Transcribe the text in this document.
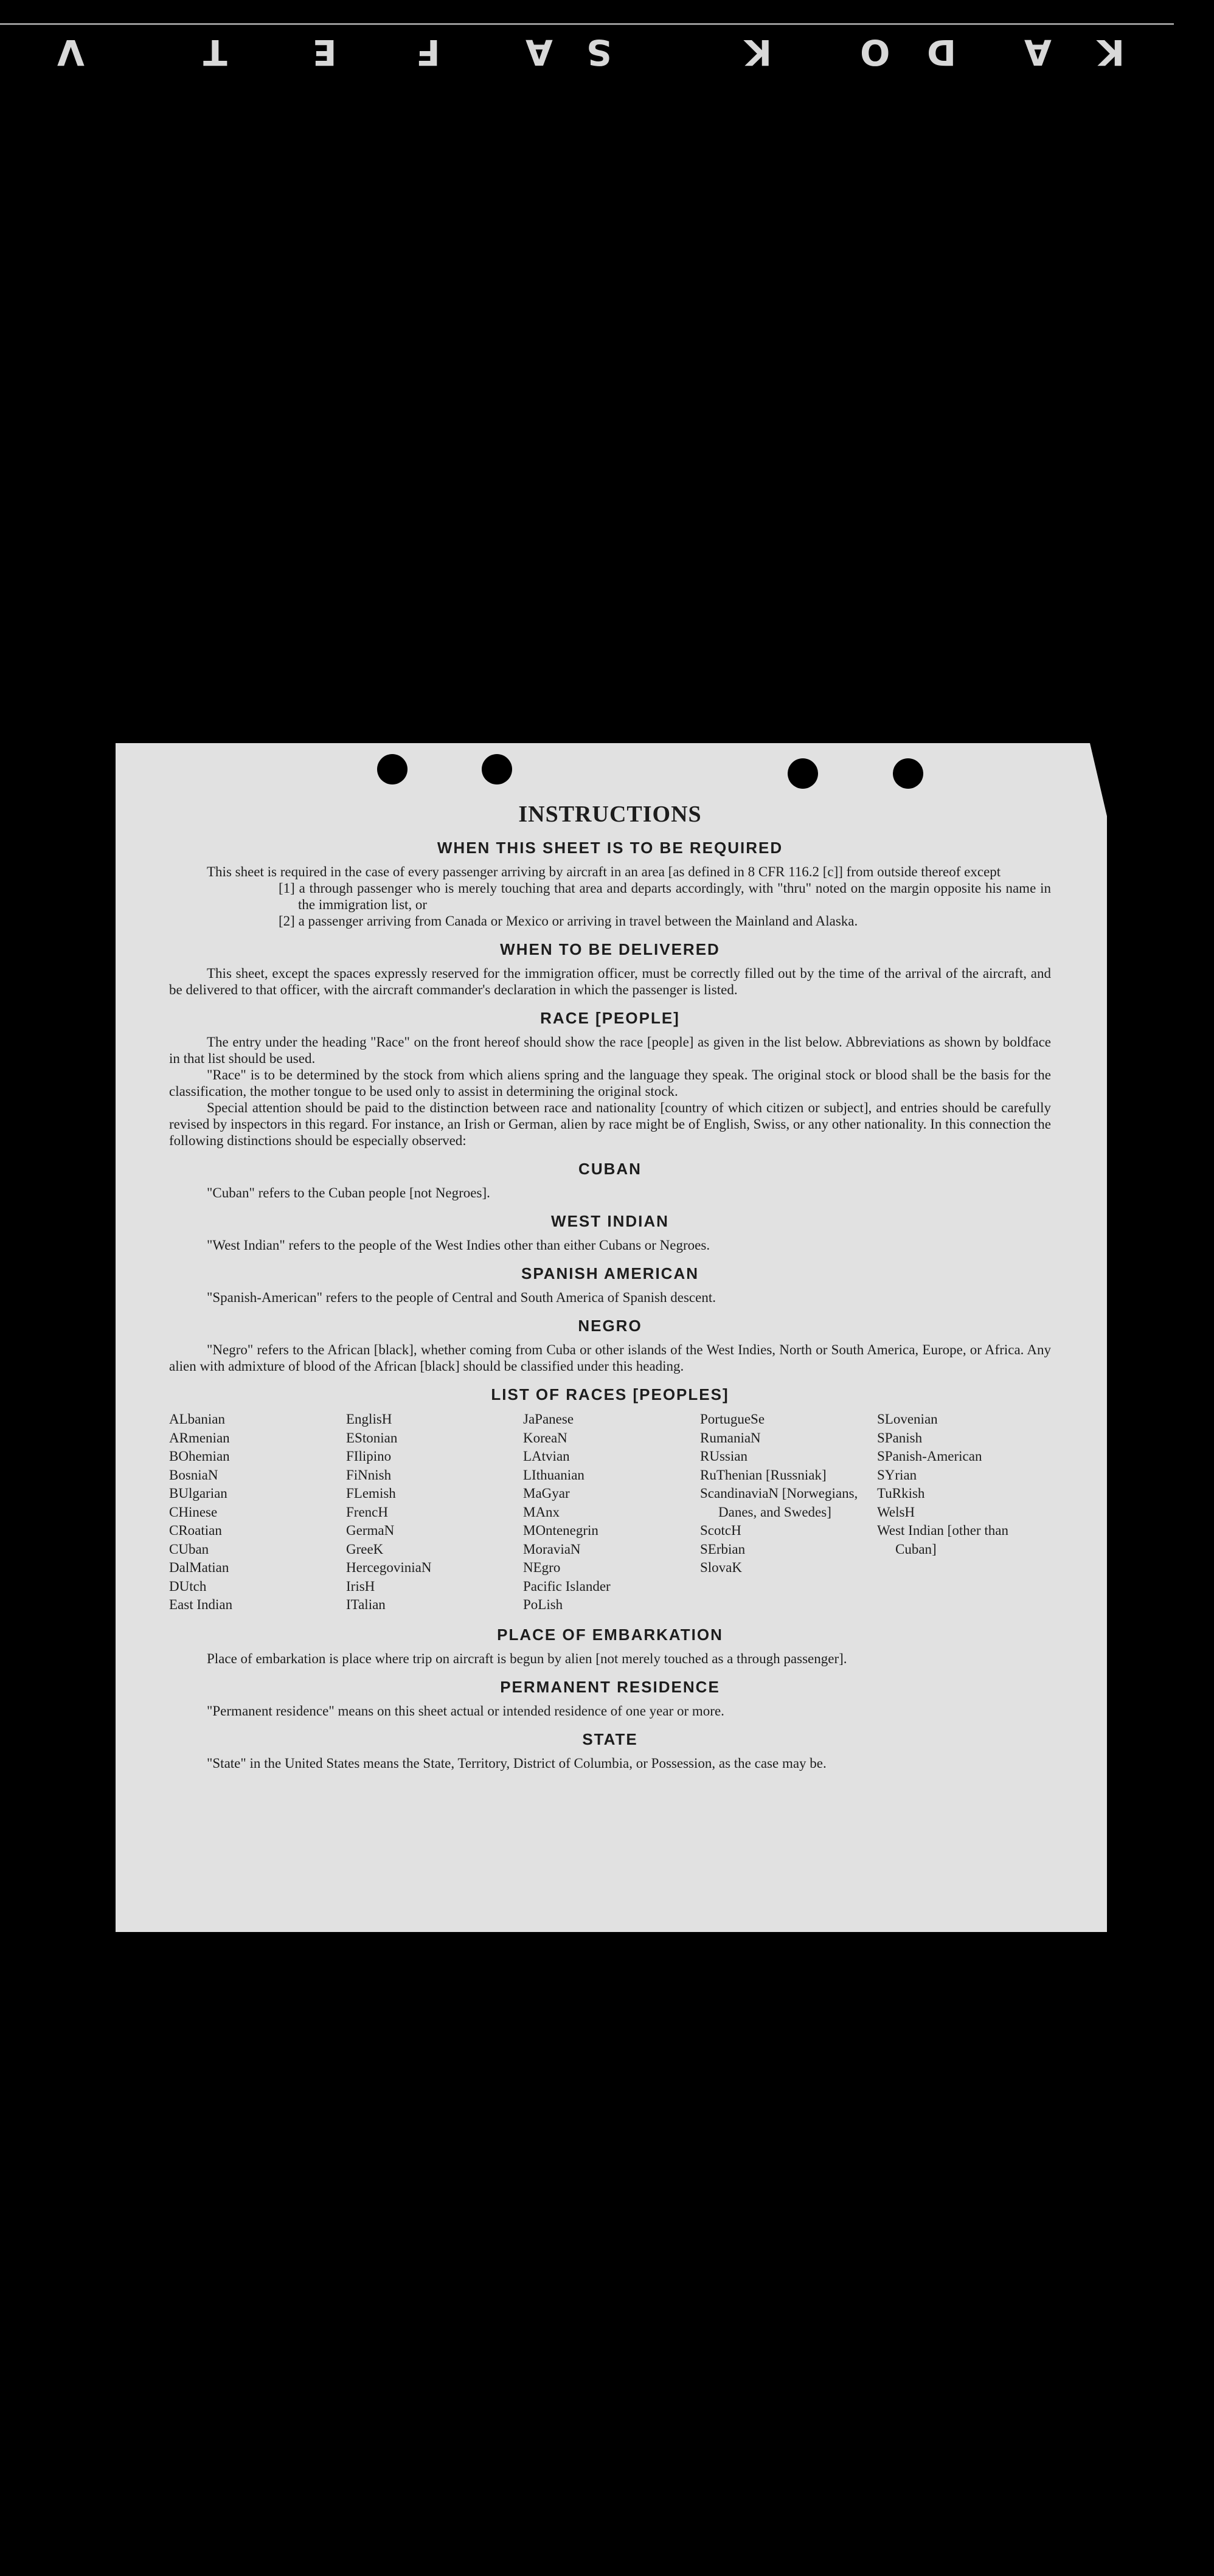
V	T E F A S	K O D A K
INSTRUCTIONS
WHEN THIS SHEET IS TO BE REQUIRED

This sheet is required in the case of every passenger arriving by aircraft in an area [as defined in 8 CFR 116.2 [c]] from outside thereof except

[1] a through passenger who is merely touching that area and departs accordingly, with "thru" noted on the margin opposite his name in the immigration list, or
[2] a passenger arriving from Canada or Mexico or arriving in travel between the Mainland and Alaska.
WHEN TO BE DELIVERED

This sheet, except the spaces expressly reserved for the immigration officer, must be correctly filled out by the time of the arrival of the aircraft, and be delivered to that officer, with the aircraft commander's declaration in which the passenger is listed.

RACE [PEOPLE]

The entry under the heading "Race" on the front hereof should show the race [people] as given in the list below. Abbreviations as shown by boldface in that list should be used.

"Race" is to be determined by the stock from which aliens spring and the language they speak. The original stock or blood shall be the basis for the classification, the mother tongue to be used only to assist in determining the original stock.

Special attention should be paid to the distinction between race and nationality [country of which citizen or subject], and entries should be carefully revised by inspectors in this regard. For instance, an Irish or German, alien by race might be of English, Swiss, or any other nationality. In this connection the following distinctions should be especially observed:

CUBAN

"Cuban" refers to the Cuban people [not Negroes].

WEST INDIAN

"West Indian" refers to the people of the West Indies other than either Cubans or Negroes.

SPANISH AMERICAN

"Spanish-American" refers to the people of Central and South America of Spanish descent.

NEGRO

"Negro" refers to the African [black], whether coming from Cuba or other islands of the West Indies, North or South America, Europe, or Africa. Any alien with admixture of blood of the African [black] should be classified under this heading.

LIST OF RACES [PEOPLES]
ALbanian
ARmenian
BOhemian
BosniaN
BUlgarian
CHinese
CRoatian
CUban
DalMatian
DUtch
East Indian
EnglisH
EStonian
FIlipino
FiNnish
FLemish
FrencH
GermaN
GreeK
HercegoviniaN
IrisH
ITalian
JaPanese
KoreaN
LAtvian
LIthuanian
MaGyar
MAnx
MOntenegrin
MoraviaN
NEgro
Pacific Islander
PoLish
PortugueSe
RumaniaN
RUssian
RuThenian [Russniak]
ScandinaviaN [Norwegians, Danes, and Swedes]
ScotcH
SErbian
SlovaK
SLovenian
SPanish
SPanish-American
SYrian
TuRkish
WelsH
West Indian [other than Cuban]
PLACE OF EMBARKATION

Place of embarkation is place where trip on aircraft is begun by alien [not merely touched as a through passenger].

PERMANENT RESIDENCE

"Permanent residence" means on this sheet actual or intended residence of one year or more.

STATE

"State" in the United States means the State, Territory, District of Columbia, or Possession, as the case may be.
